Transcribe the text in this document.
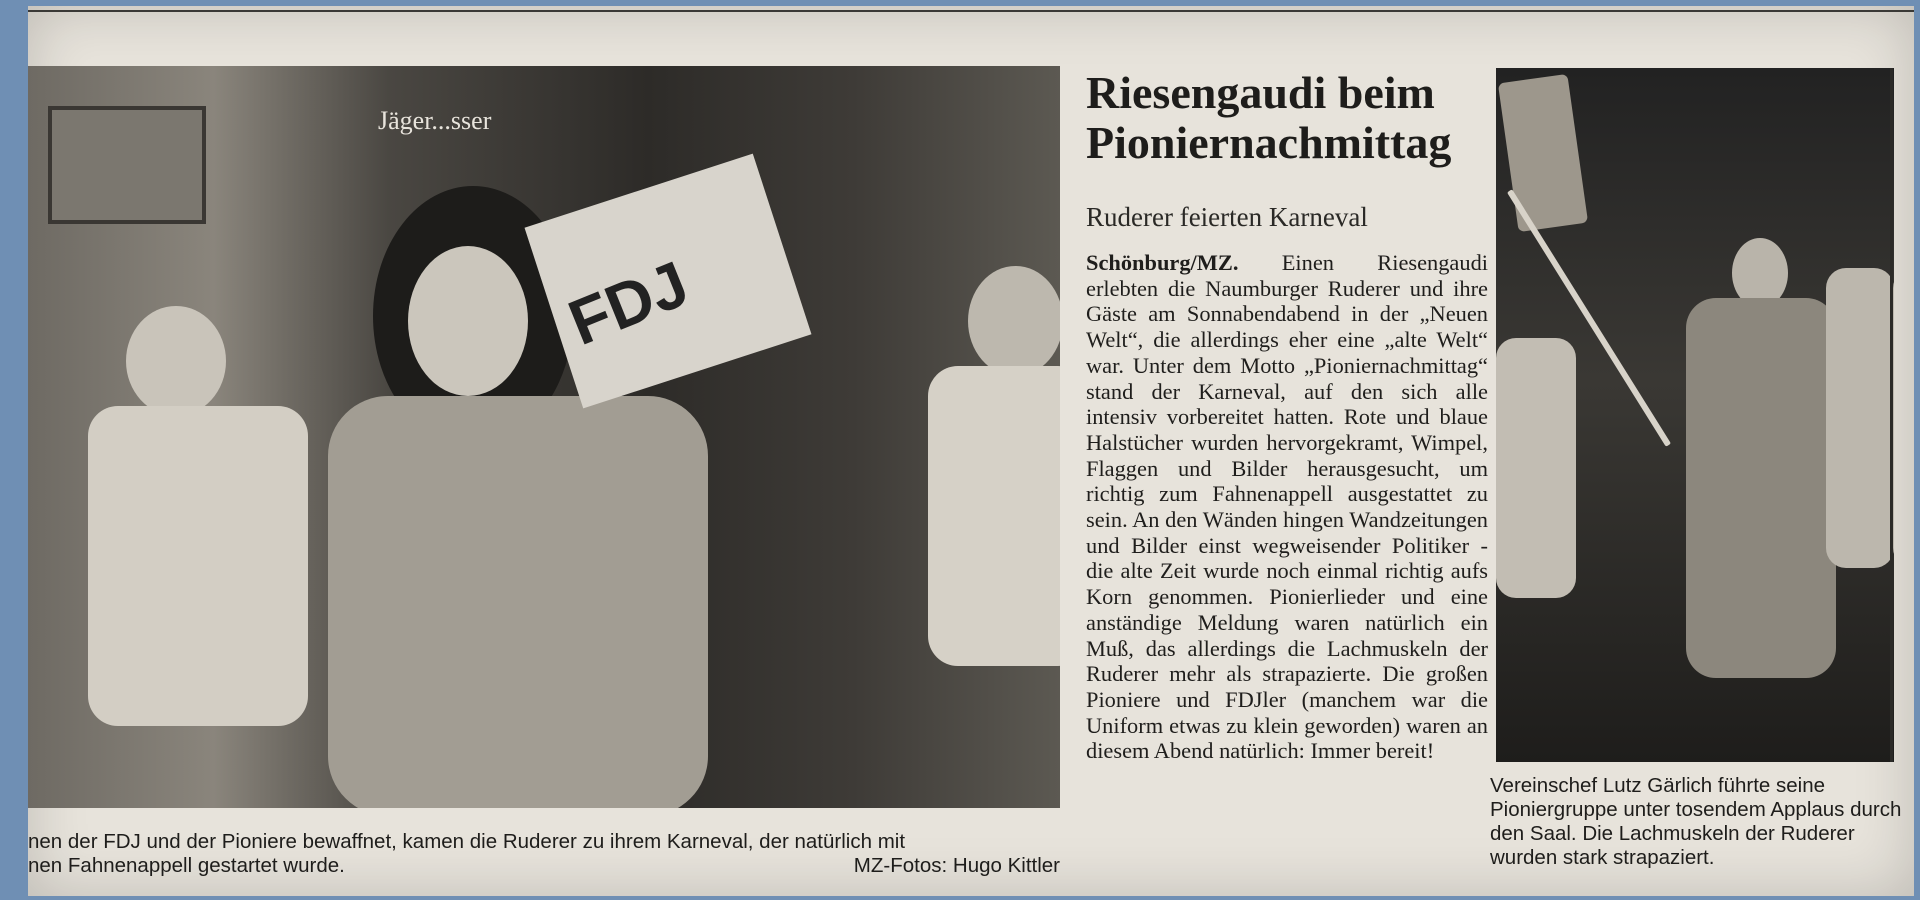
Jäger...sser
FDJ
nen der FDJ und der Pioniere bewaffnet, kamen die Ruderer zu ihrem Karneval, der natürlich mit
nen Fahnenappell gestartet wurde.	MZ-Fotos: Hugo Kittler
Riesengaudi beim Pioniernachmittag
Ruderer feierten Karneval
Schönburg/MZ. Einen Riesengaudi erlebten die Naumburger Ruderer und ihre Gäste am Sonnabendabend in der „Neuen Welt“, die allerdings eher eine „alte Welt“ war. Unter dem Motto „Pioniernachmittag“ stand der Karneval, auf den sich alle intensiv vorbereitet hatten. Rote und blaue Halstücher wurden hervorgekramt, Wimpel, Flaggen und Bilder herausgesucht, um richtig zum Fahnenappell ausgestattet zu sein. An den Wänden hingen Wandzeitungen und Bilder einst wegweisender Politiker - die alte Zeit wurde noch einmal richtig aufs Korn genommen. Pionierlieder und eine anständige Meldung waren natürlich ein Muß, das allerdings die Lachmuskeln der Ruderer mehr als strapazierte. Die großen Pioniere und FDJler (manchem war die Uniform etwas zu klein geworden) waren an diesem Abend natürlich: Immer bereit!
Vereinschef Lutz Gärlich führte seine Pioniergruppe unter tosendem Applaus durch den Saal. Die Lachmuskeln der Ruderer wurden stark strapaziert.
